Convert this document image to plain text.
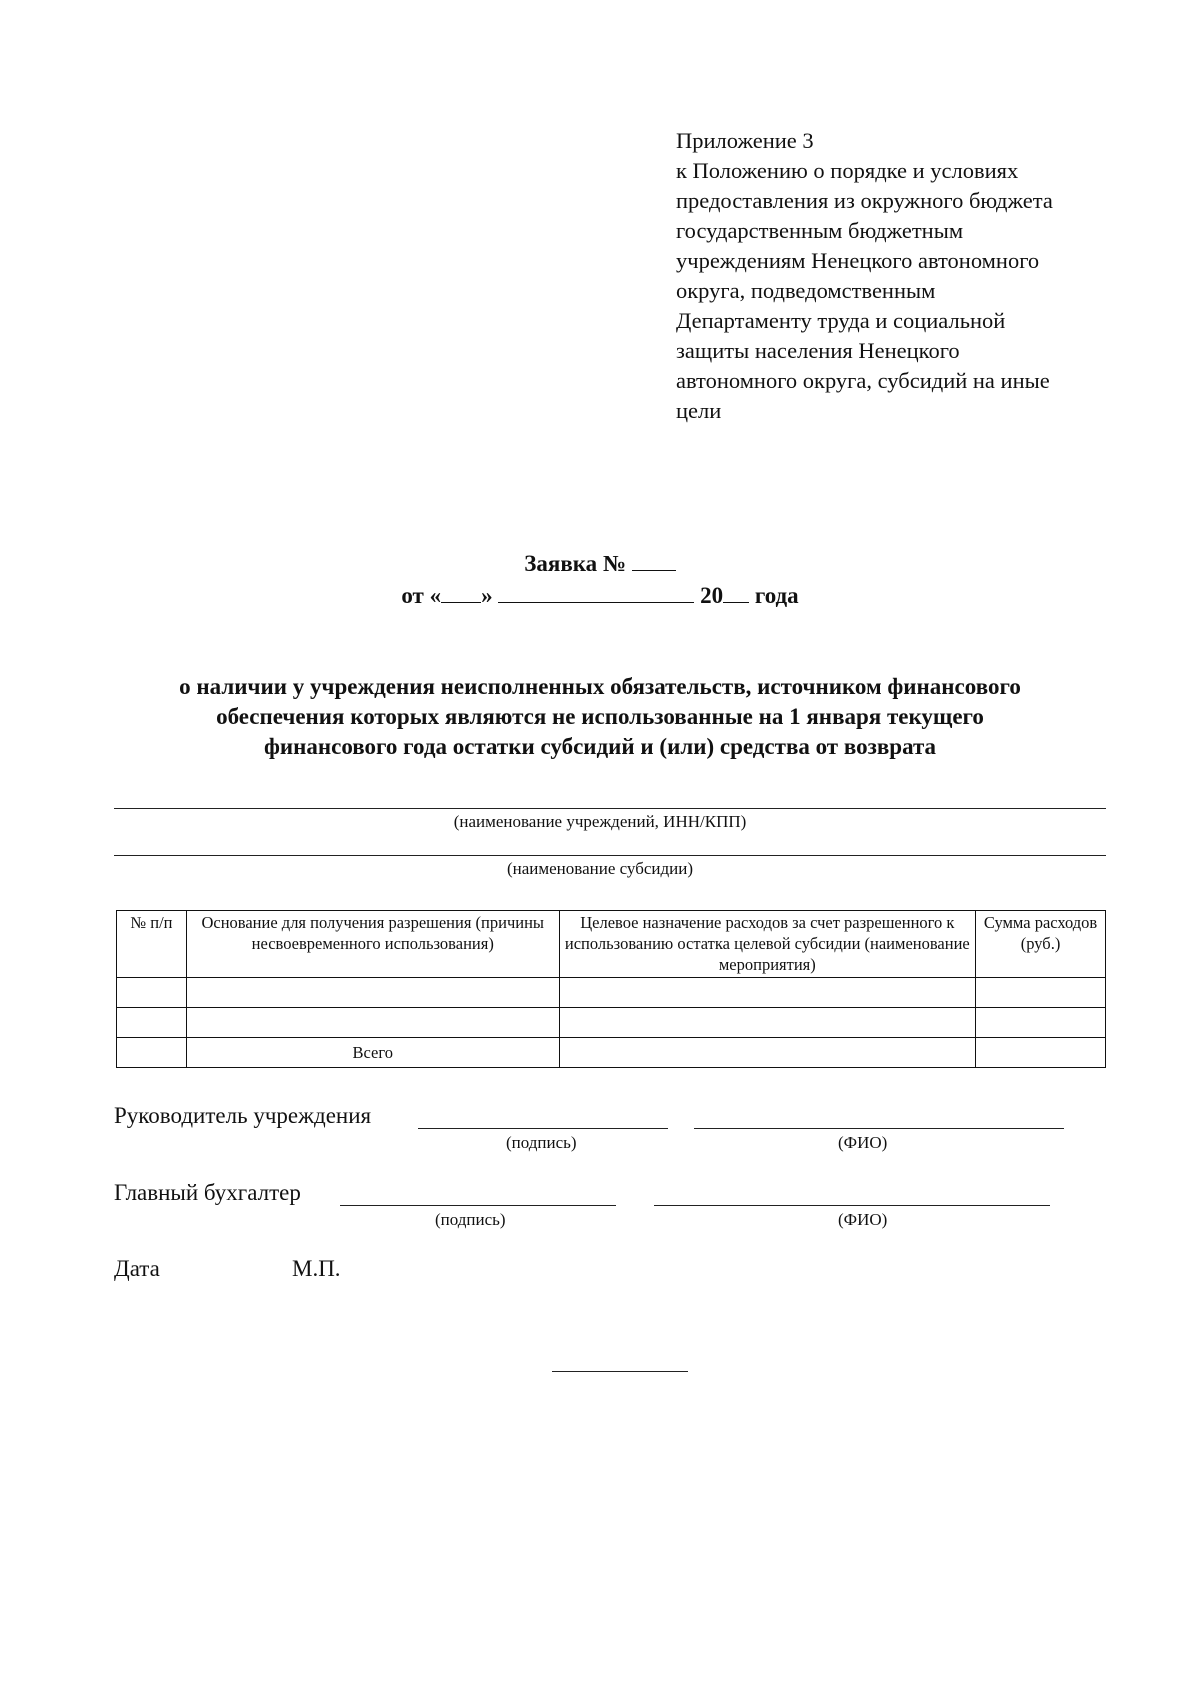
Приложение 3
к Положению о порядке и условиях
предоставления из окружного бюджета
государственным бюджетным
учреждениям Ненецкого автономного
округа, подведомственным
Департаменту труда и социальной
защиты населения Ненецкого
автономного округа, субсидий на иные
цели
Заявка №
от « »	20 года
о наличии у учреждения неисполненных обязательств, источником финансового
обеспечения которых являются не использованные на 1 января текущего
финансового года остатки субсидий и (или) средства от возврата
(наименование учреждений, ИНН/КПП)
(наименование субсидии)
№ п/п	Основание для получения разрешения (причины несвоевременного использования)	Целевое назначение расходов за счет разрешенного к использованию остатка целевой субсидии (наименование мероприятия)	Сумма расходов (руб.)

	Всего		
Руководитель учреждения
(подпись)	(ФИО)
Главный бухгалтер
(подпись)	(ФИО)
Дата	М.П.
